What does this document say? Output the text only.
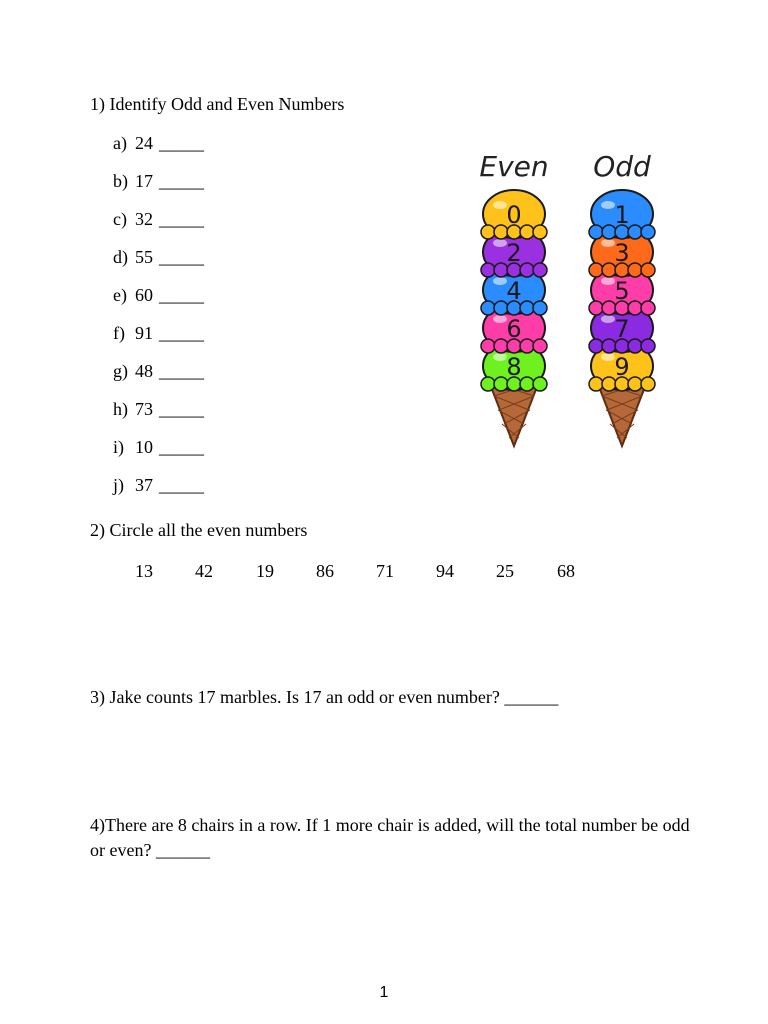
1) Identify Odd and Even Numbers
a) 24 _____
b) 17 _____
c) 32 _____
d) 55 _____
e) 60 _____
f) 91 _____
g) 48 _____
h) 73 _____
i) 10 _____
j) 37 _____
Even Odd
8
6
4
2
0
9
7
5
3
1
2) Circle all the even numbers
13 42 19 86 71 94 25 68
3) Jake counts 17 marbles. Is 17 an odd or even number? ______
4)There are 8 chairs in a row. If 1 more chair is added, will the total number be odd or even? ______
1
